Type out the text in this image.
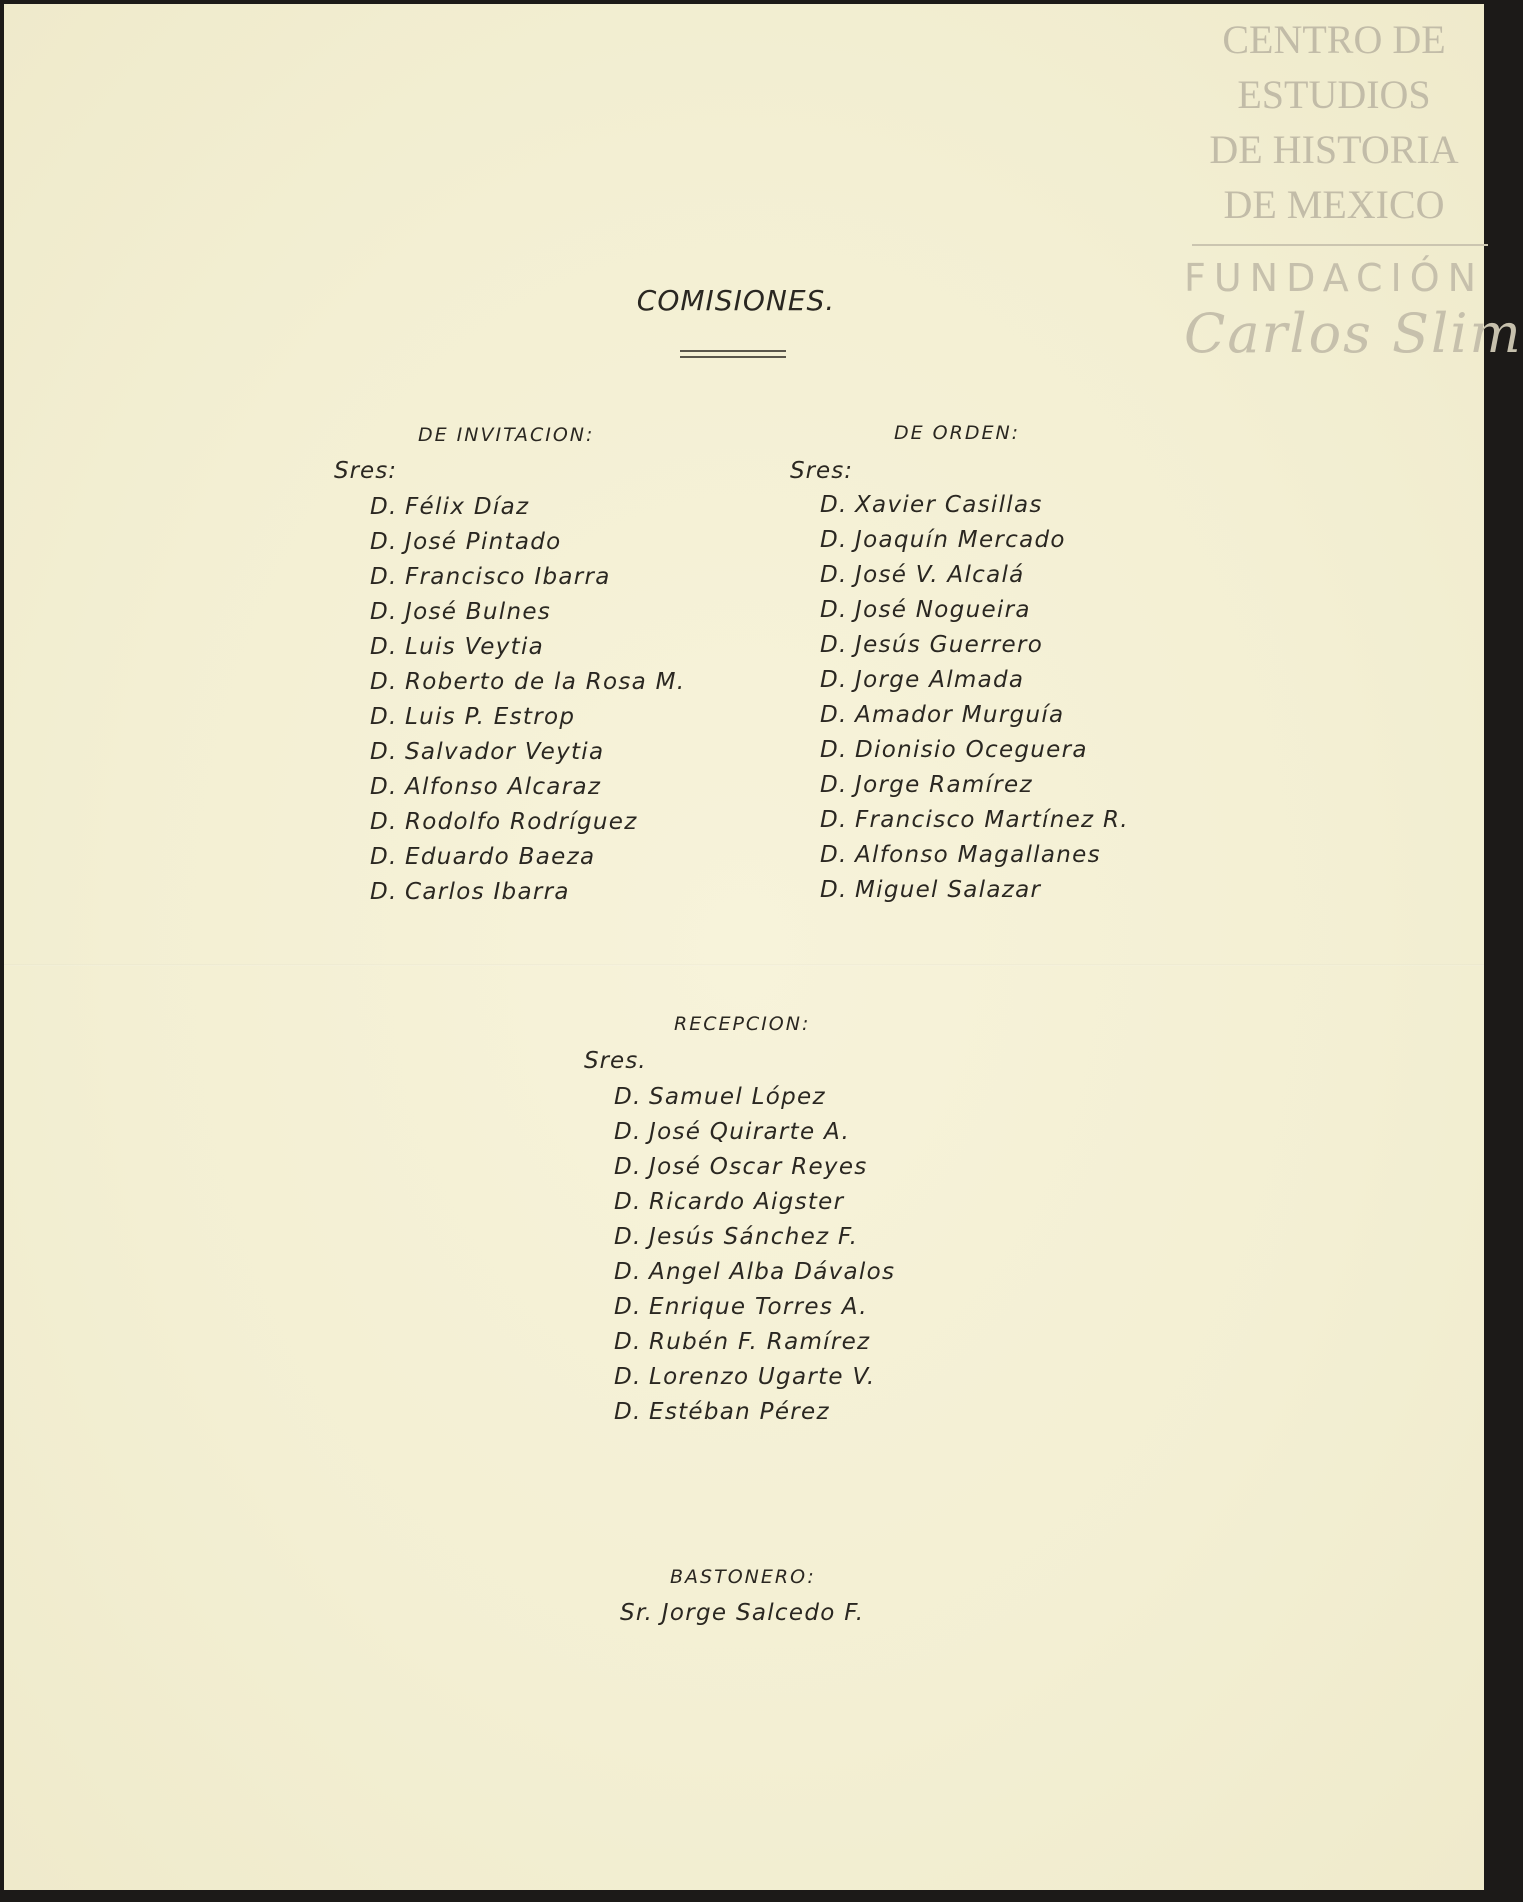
CENTRO DE
ESTUDIOS
DE HISTORIA
DE MEXICO
FUNDACIÓN
Carlos Slim
COMISIONES.
DE INVITACION:
Sres:
D. Félix Díaz
D. José Pintado
D. Francisco Ibarra
D. José Bulnes
D. Luis Veytia
D. Roberto de la Rosa M.
D. Luis P. Estrop
D. Salvador Veytia
D. Alfonso Alcaraz
D. Rodolfo Rodríguez
D. Eduardo Baeza
D. Carlos Ibarra
DE ORDEN:
Sres:
D. Xavier Casillas
D. Joaquín Mercado
D. José V. Alcalá
D. José Nogueira
D. Jesús Guerrero
D. Jorge Almada
D. Amador Murguía
D. Dionisio Oceguera
D. Jorge Ramírez
D. Francisco Martínez R.
D. Alfonso Magallanes
D. Miguel Salazar
RECEPCION:
Sres.
D. Samuel López
D. José Quirarte A.
D. José Oscar Reyes
D. Ricardo Aigster
D. Jesús Sánchez F.
D. Angel Alba Dávalos
D. Enrique Torres A.
D. Rubén F. Ramírez
D. Lorenzo Ugarte V.
D. Estéban Pérez
BASTONERO:
Sr. Jorge Salcedo F.
